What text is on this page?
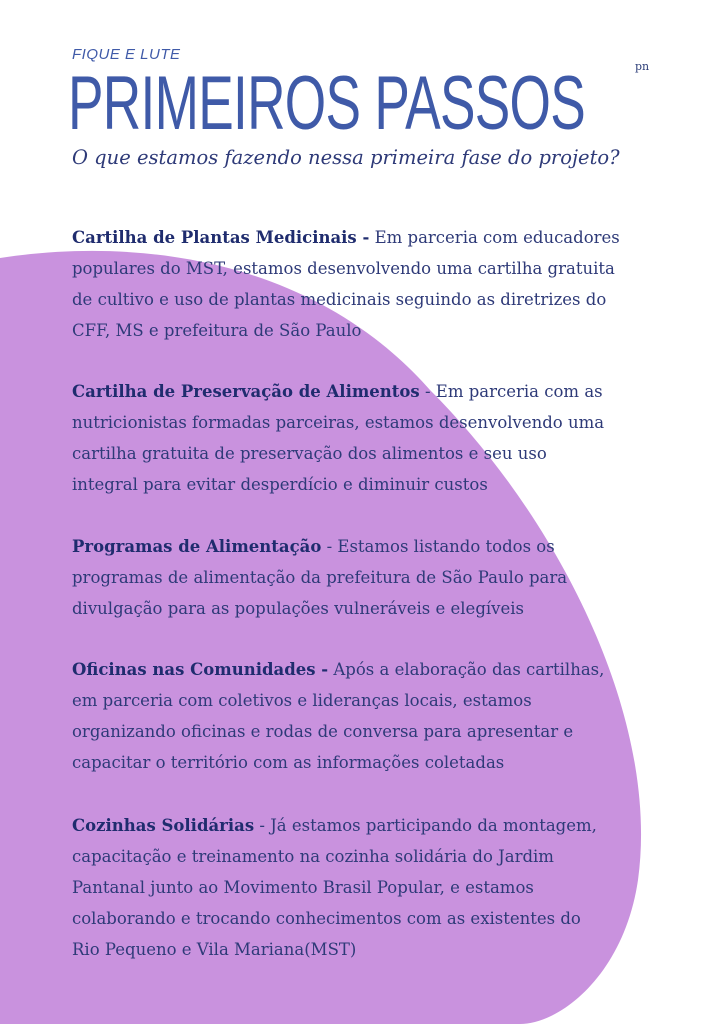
FIQUE E LUTE
pn
PRIMEIROS PASSOS
O que estamos fazendo nessa primeira fase do projeto?
Cartilha de Plantas Medicinais - Em parceria com educadores
populares do MST, estamos desenvolvendo uma cartilha gratuita
de cultivo e uso de plantas medicinais seguindo as diretrizes do
CFF, MS e prefeitura de São Paulo
Cartilha de Preservação de Alimentos - Em parceria com as
nutricionistas formadas parceiras, estamos desenvolvendo uma
cartilha gratuita de preservação dos alimentos e seu uso
integral para evitar desperdício e diminuir custos
Programas de Alimentação - Estamos listando todos os
programas de alimentação da prefeitura de São Paulo para
divulgação para as populações vulneráveis e elegíveis
Oficinas nas Comunidades - Após a elaboração das cartilhas,
em parceria com coletivos e lideranças locais, estamos
organizando oficinas e rodas de conversa para apresentar e
capacitar o território com as informações coletadas
Cozinhas Solidárias - Já estamos participando da montagem,
capacitação e treinamento na cozinha solidária do Jardim
Pantanal junto ao Movimento Brasil Popular, e estamos
colaborando e trocando conhecimentos com as existentes do
Rio Pequeno e Vila Mariana(MST)
